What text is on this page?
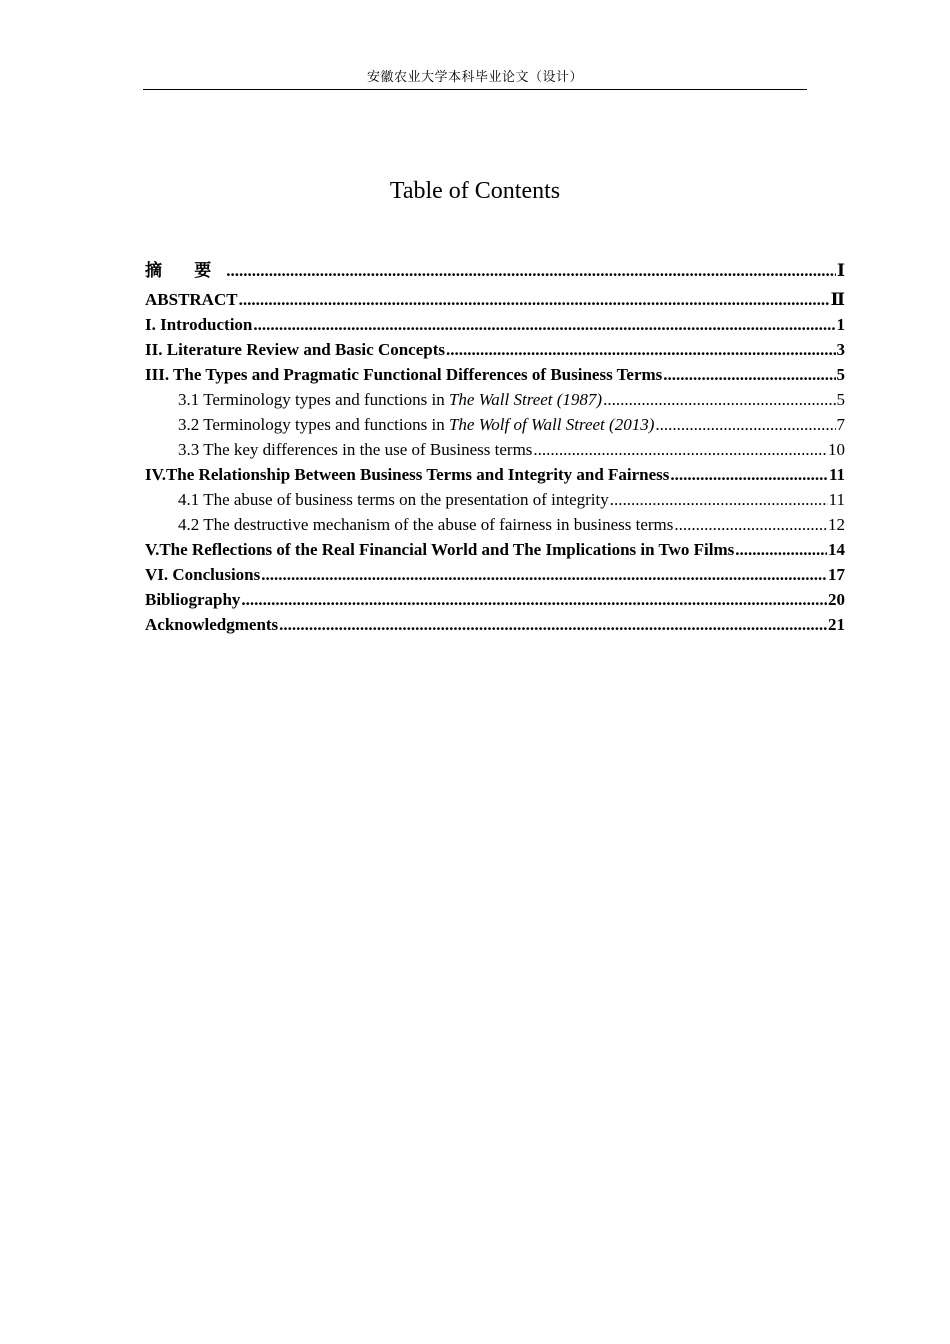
安徽农业大学本科毕业论文（设计）
Table of Contents
摘 要 .....	Ⅰ
ABSTRACT .....	Ⅱ
I. Introduction .....	1
II. Literature Review and Basic Concepts .....	3
III. The Types and Pragmatic Functional Differences of Business Terms .....	5
3.1 Terminology types and functions in The Wall Street (1987) .....	5
3.2 Terminology types and functions in The Wolf of Wall Street (2013) .....	7
3.3 The key differences in the use of Business terms .....	10
IV.The Relationship Between Business Terms and Integrity and Fairness .....	11
4.1 The abuse of business terms on the presentation of integrity .....	11
4.2 The destructive mechanism of the abuse of fairness in business terms .....	12
V.The Reflections of the Real Financial World and The Implications in Two Films .....	14
VI. Conclusions .....	17
Bibliography .....	20
Acknowledgments .....	21
